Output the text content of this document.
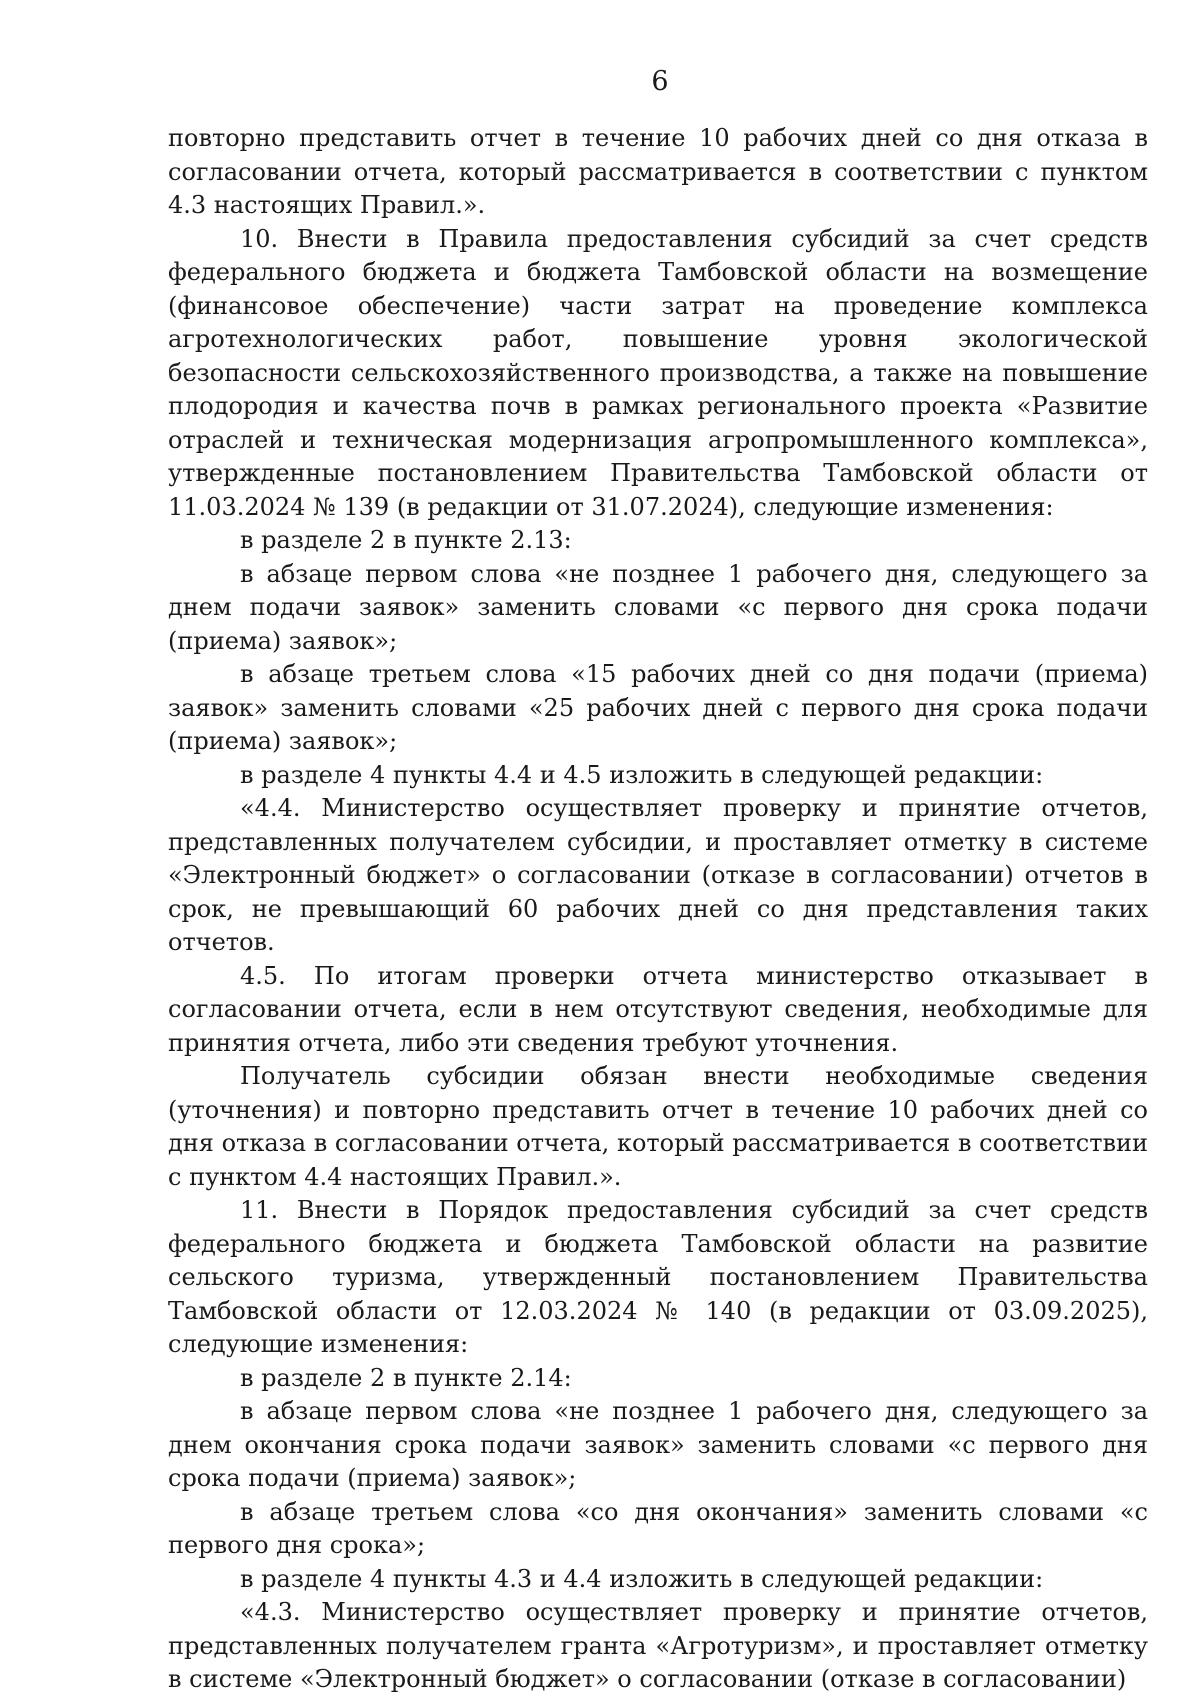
6

повторно представить отчет в течение 10 рабочих дней со дня отказа в согласовании отчета, который рассматривается в соответствии с пунктом 4.3 настоящих Правил.».

10. Внести в Правила предоставления субсидий за счет средств федерального бюджета и бюджета Тамбовской области на возмещение (финансовое обеспечение) части затрат на проведение комплекса агротехнологических работ, повышение уровня экологической безопасности сельскохозяйственного производства, а также на повышение плодородия и качества почв в рамках регионального проекта «Развитие отраслей и техническая модернизация агропромышленного комплекса», утвержденные постановлением Правительства Тамбовской области от 11.03.2024 № 139 (в редакции от 31.07.2024), следующие изменения:

в разделе 2 в пункте 2.13:

в абзаце первом слова «не позднее 1 рабочего дня, следующего за днем подачи заявок» заменить словами «с первого дня срока подачи (приема) заявок»;

в абзаце третьем слова «15 рабочих дней со дня подачи (приема) заявок» заменить словами «25 рабочих дней с первого дня срока подачи (приема) заявок»;

в разделе 4 пункты 4.4 и 4.5 изложить в следующей редакции:

«4.4. Министерство осуществляет проверку и принятие отчетов, представленных получателем субсидии, и проставляет отметку в системе «Электронный бюджет» о согласовании (отказе в согласовании) отчетов в срок, не превышающий 60 рабочих дней со дня представления таких отчетов.

4.5. По итогам проверки отчета министерство отказывает в согласовании отчета, если в нем отсутствуют сведения, необходимые для принятия отчета, либо эти сведения требуют уточнения.

Получатель субсидии обязан внести необходимые сведения (уточнения) и повторно представить отчет в течение 10 рабочих дней со дня отказа в согласовании отчета, который рассматривается в соответствии с пунктом 4.4 настоящих Правил.».

11. Внести в Порядок предоставления субсидий за счет средств федерального бюджета и бюджета Тамбовской области на развитие сельского туризма, утвержденный постановлением Правительства Тамбовской области от 12.03.2024 № 140 (в редакции от 03.09.2025), следующие изменения:

в разделе 2 в пункте 2.14:

в абзаце первом слова «не позднее 1 рабочего дня, следующего за днем окончания срока подачи заявок» заменить словами «с первого дня срока подачи (приема) заявок»;

в абзаце третьем слова «со дня окончания» заменить словами «с первого дня срока»;

в разделе 4 пункты 4.3 и 4.4 изложить в следующей редакции:

«4.3. Министерство осуществляет проверку и принятие отчетов, представленных получателем гранта «Агротуризм», и проставляет отметку в системе «Электронный бюджет» о согласовании (отказе в согласовании)
